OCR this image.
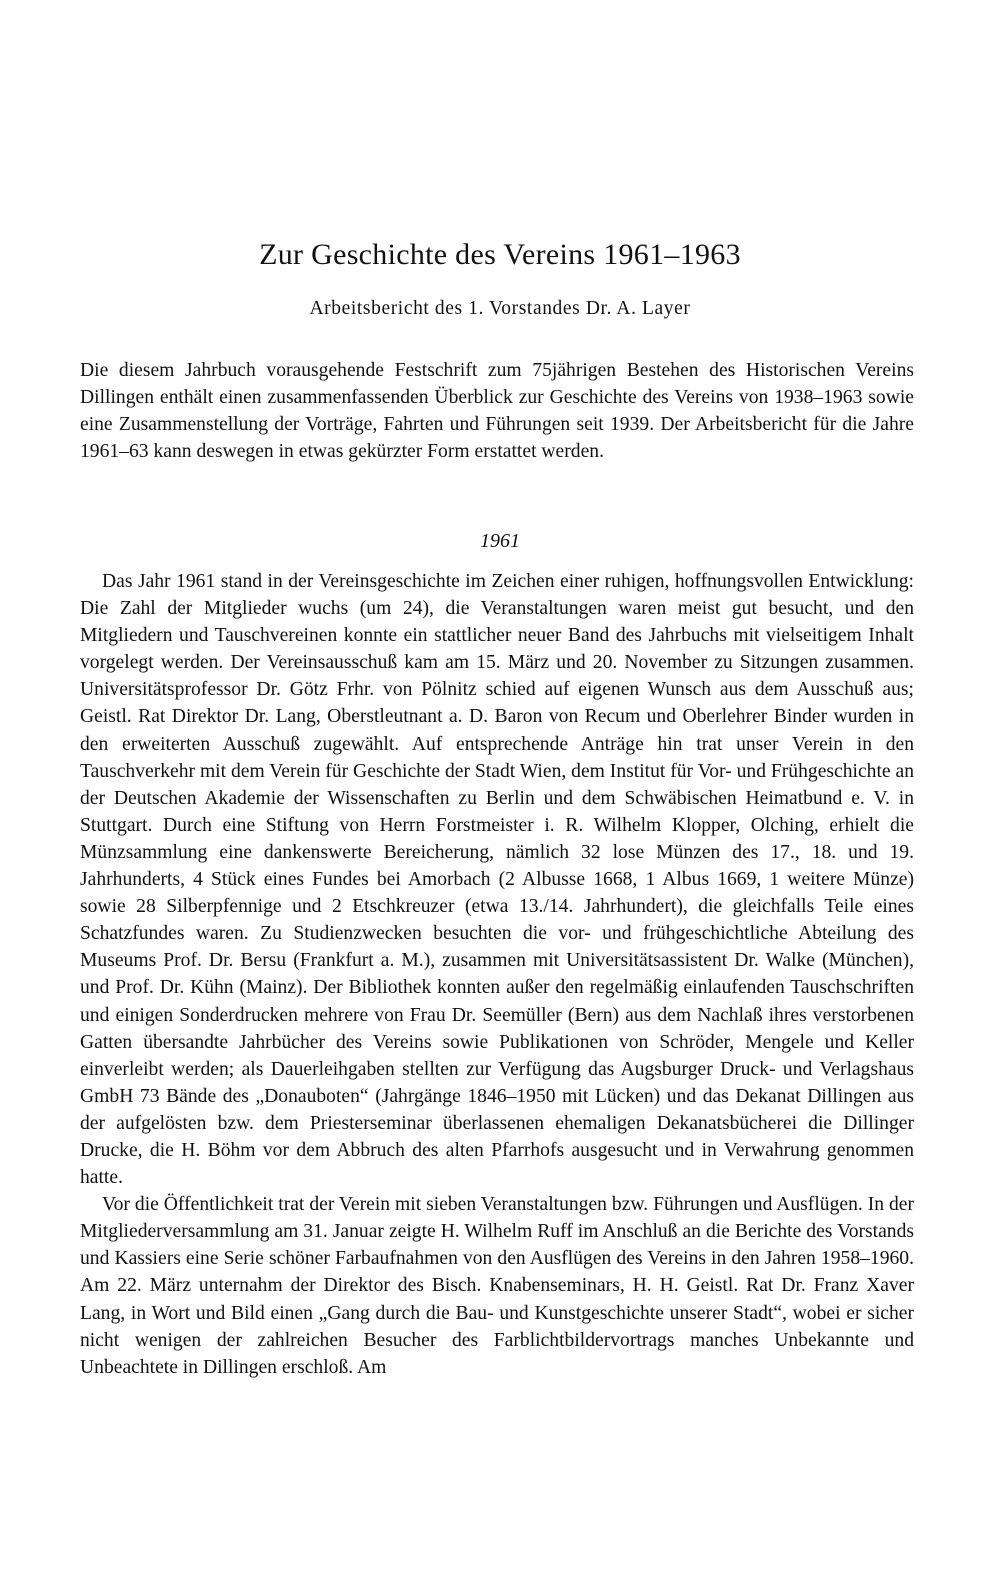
Zur Geschichte des Vereins 1961–1963
Arbeitsbericht des 1. Vorstandes Dr. A. Layer

Die diesem Jahrbuch vorausgehende Festschrift zum 75jährigen Bestehen des Historischen Vereins Dillingen enthält einen zusammenfassenden Überblick zur Geschichte des Vereins von 1938–1963 sowie eine Zusammenstellung der Vorträge, Fahrten und Führungen seit 1939. Der Arbeitsbericht für die Jahre 1961–63 kann deswegen in etwas gekürzter Form erstattet werden.

1961

Das Jahr 1961 stand in der Vereinsgeschichte im Zeichen einer ruhigen, hoffnungsvollen Entwicklung: Die Zahl der Mitglieder wuchs (um 24), die Veranstaltungen waren meist gut besucht, und den Mitgliedern und Tauschvereinen konnte ein stattlicher neuer Band des Jahrbuchs mit vielseitigem Inhalt vorgelegt werden. Der Vereinsausschuß kam am 15. März und 20. November zu Sitzungen zusammen. Universitätsprofessor Dr. Götz Frhr. von Pölnitz schied auf eigenen Wunsch aus dem Ausschuß aus; Geistl. Rat Direktor Dr. Lang, Oberstleutnant a. D. Baron von Recum und Oberlehrer Binder wurden in den erweiterten Ausschuß zugewählt. Auf entsprechende Anträge hin trat unser Verein in den Tauschverkehr mit dem Verein für Geschichte der Stadt Wien, dem Institut für Vor- und Frühgeschichte an der Deutschen Akademie der Wissenschaften zu Berlin und dem Schwäbischen Heimatbund e. V. in Stuttgart. Durch eine Stiftung von Herrn Forstmeister i. R. Wilhelm Klopper, Olching, erhielt die Münzsammlung eine dankenswerte Bereicherung, nämlich 32 lose Münzen des 17., 18. und 19. Jahrhunderts, 4 Stück eines Fundes bei Amorbach (2 Albusse 1668, 1 Albus 1669, 1 weitere Münze) sowie 28 Silberpfennige und 2 Etschkreuzer (etwa 13./14. Jahrhundert), die gleichfalls Teile eines Schatzfundes waren. Zu Studienzwecken besuchten die vor- und frühgeschichtliche Abteilung des Museums Prof. Dr. Bersu (Frankfurt a. M.), zusammen mit Universitätsassistent Dr. Walke (München), und Prof. Dr. Kühn (Mainz). Der Bibliothek konnten außer den regelmäßig einlaufenden Tauschschriften und einigen Sonderdrucken mehrere von Frau Dr. Seemüller (Bern) aus dem Nachlaß ihres verstorbenen Gatten übersandte Jahrbücher des Vereins sowie Publikationen von Schröder, Mengele und Keller einverleibt werden; als Dauerleihgaben stellten zur Verfügung das Augsburger Druck- und Verlagshaus GmbH 73 Bände des „Donauboten“ (Jahrgänge 1846–1950 mit Lücken) und das Dekanat Dillingen aus der aufgelösten bzw. dem Priesterseminar überlassenen ehemaligen Dekanatsbücherei die Dillinger Drucke, die H. Böhm vor dem Abbruch des alten Pfarrhofs ausgesucht und in Verwahrung genommen hatte.

Vor die Öffentlichkeit trat der Verein mit sieben Veranstaltungen bzw. Führungen und Ausflügen. In der Mitgliederversammlung am 31. Januar zeigte H. Wilhelm Ruff im Anschluß an die Berichte des Vorstands und Kassiers eine Serie schöner Farbaufnahmen von den Ausflügen des Vereins in den Jahren 1958–1960. Am 22. März unternahm der Direktor des Bisch. Knabenseminars, H. H. Geistl. Rat Dr. Franz Xaver Lang, in Wort und Bild einen „Gang durch die Bau- und Kunstgeschichte unserer Stadt“, wobei er sicher nicht wenigen der zahlreichen Besucher des Farblichtbildervortrags manches Unbekannte und Unbeachtete in Dillingen erschloß. Am
